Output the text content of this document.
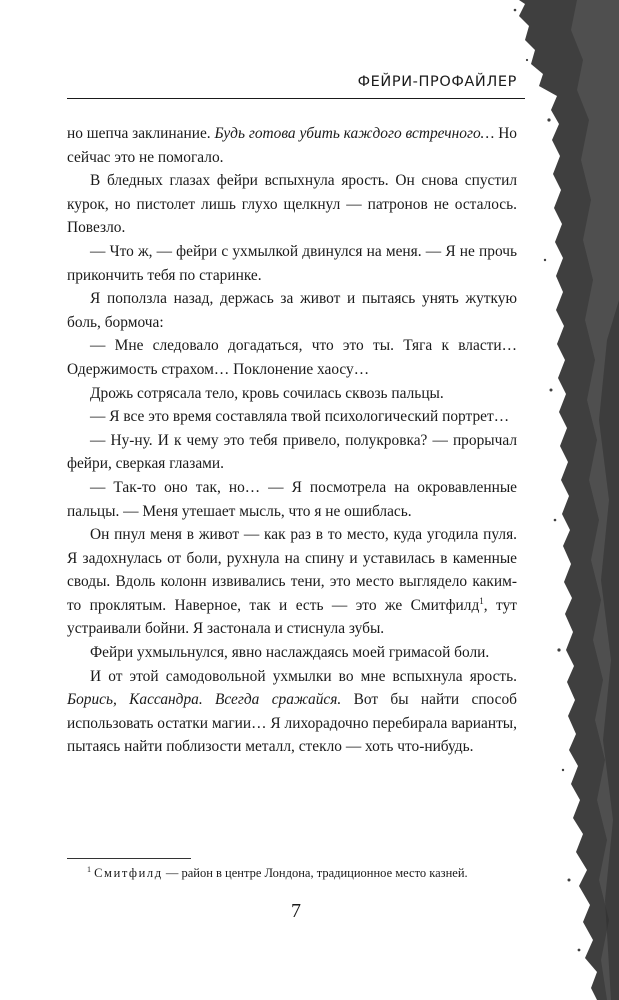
ФЕЙРИ-ПРОФАЙЛЕР

но шепча заклинание. Будь готова убить каждого встречного… Но сейчас это не помогало.

В бледных глазах фейри вспыхнула ярость. Он снова спустил курок, но пистолет лишь глухо щелкнул — патронов не осталось. Повезло.

— Что ж, — фейри с ухмылкой двинулся на меня. — Я не прочь прикончить тебя по старинке.

Я поползла назад, держась за живот и пытаясь унять жуткую боль, бормоча:

— Мне следовало догадаться, что это ты. Тяга к власти… Одержимость страхом… Поклонение хаосу…

Дрожь сотрясала тело, кровь сочилась сквозь пальцы.

— Я все это время составляла твой психологический портрет…

— Ну-ну. И к чему это тебя привело, полукровка? — прорычал фейри, сверкая глазами.

— Так-то оно так, но… — Я посмотрела на окровавленные пальцы. — Меня утешает мысль, что я не ошиблась.

Он пнул меня в живот — как раз в то место, куда угодила пуля. Я задохнулась от боли, рухнула на спину и уставилась в каменные своды. Вдоль колонн извивались тени, это место выглядело каким-то проклятым. Наверное, так и есть — это же Смитфилд$^1$, тут устраивали бойни. Я застонала и стиснула зубы.

Фейри ухмыльнулся, явно наслаждаясь моей гримасой боли.

И от этой самодовольной ухмылки во мне вспыхнула ярость. Борись, Кассандра. Всегда сражайся. Вот бы найти способ использовать остатки магии… Я лихорадочно перебирала варианты, пытаясь найти поблизости металл, стекло — хоть что-нибудь.

$^1$ Смитфилд — район в центре Лондона, традиционное место казней.
7
